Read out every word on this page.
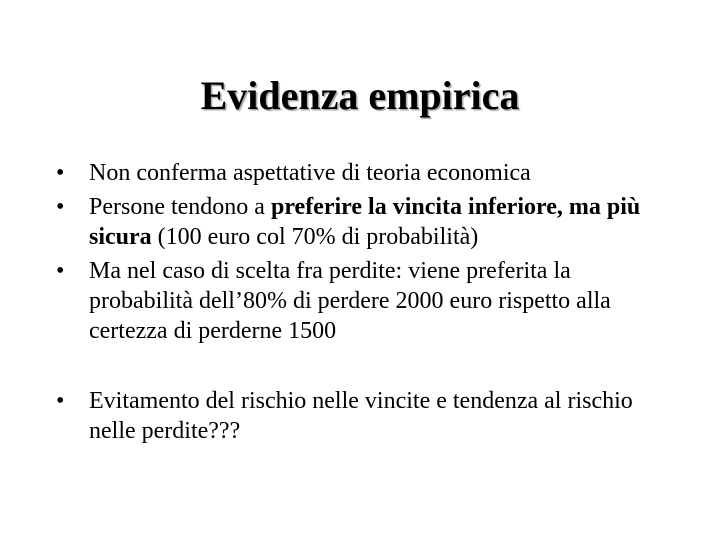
Evidenza empirica
•	Non conferma aspettative di teoria economica
•	Persone tendono a preferire la vincita inferiore, ma più sicura (100 euro col 70% di probabilità)
•	Ma nel caso di scelta fra perdite: viene preferita la probabilità dell’80% di perdere 2000 euro rispetto alla certezza di perderne 1500
•	Evitamento del rischio nelle vincite e tendenza al rischio nelle perdite???
